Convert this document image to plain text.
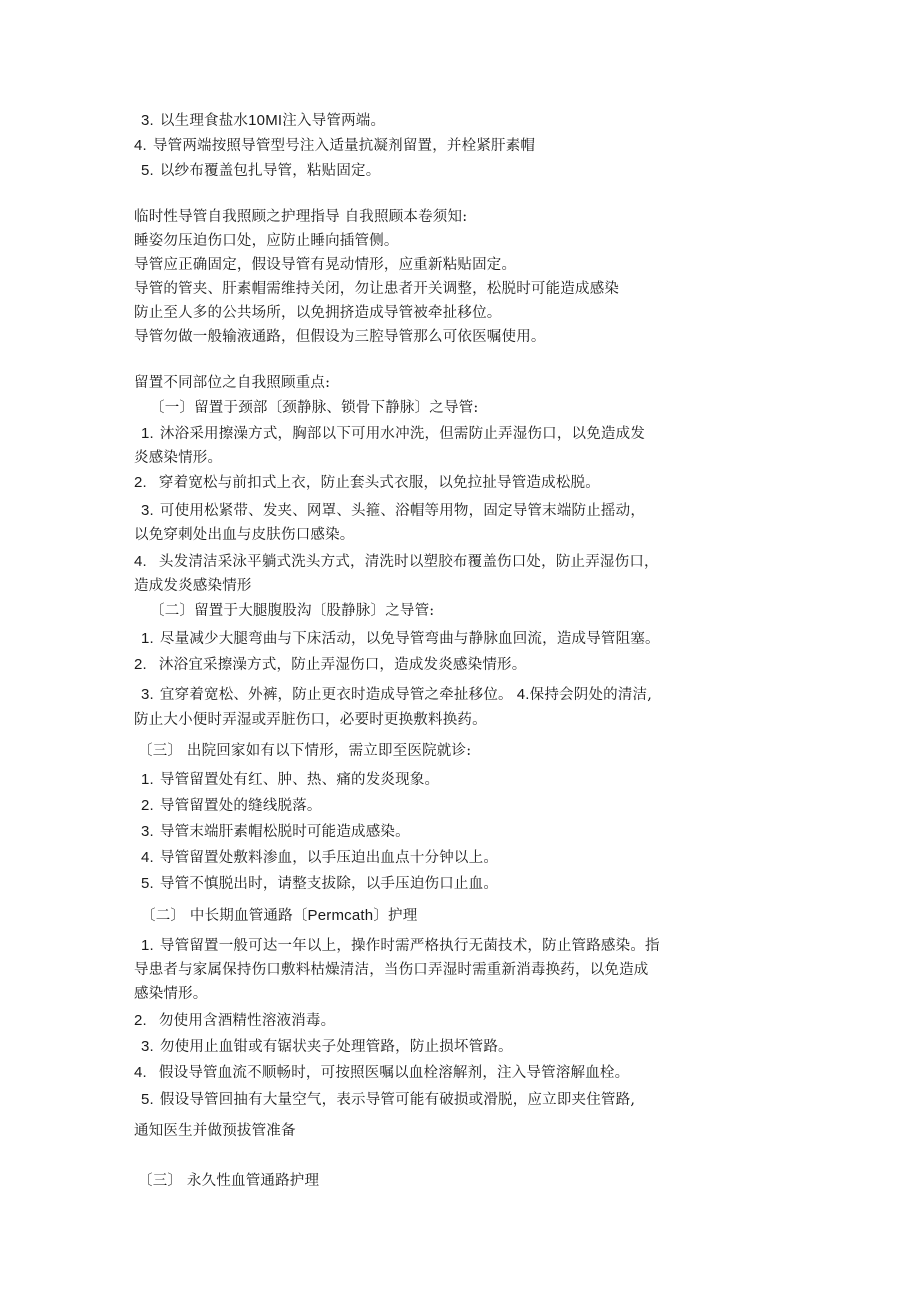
3. 以生理食盐水10MI注入导管两端。
4. 导管两端按照导管型号注入适量抗凝剂留置，并栓紧肝素帽
5. 以纱布覆盖包扎导管，粘贴固定。
临时性导管自我照顾之护理指导 自我照顾本卷须知:
睡姿勿压迫伤口处，应防止睡向插管侧。
导管应正确固定，假设导管有晃动情形，应重新粘贴固定。
导管的管夹、肝素帽需维持关闭，勿让患者开关调整，松脱时可能造成感染
防止至人多的公共场所，以免拥挤造成导管被牵扯移位。
导管勿做一般输液通路，但假设为三腔导管那么可依医嘱使用。
留置不同部位之自我照顾重点:
〔一〕留置于颈部〔颈静脉、锁骨下静脉〕之导管:
1. 沐浴采用擦澡方式，胸部以下可用水冲洗，但需防止弄湿伤口，以免造成发
炎感染情形。
2. 穿着宽松与前扣式上衣，防止套头式衣服，以免拉扯导管造成松脱。
3. 可使用松紧带、发夹、网罩、头箍、浴帽等用物，固定导管末端防止摇动，
以免穿刺处出血与皮肤伤口感染。
4. 头发清洁采泳平躺式洗头方式，清洗时以塑胶布覆盖伤口处，防止弄湿伤口，
造成发炎感染情形
〔二〕留置于大腿腹股沟〔股静脉〕之导管:
1. 尽量减少大腿弯曲与下床活动，以免导管弯曲与静脉血回流，造成导管阻塞。
2. 沐浴宜采擦澡方式，防止弄湿伤口，造成发炎感染情形。
3. 宜穿着宽松、外裤，防止更衣时造成导管之牵扯移位。 4.保持会阴处的清洁,
防止大小便时弄湿或弄脏伤口，必要时更换敷料换药。
〔三〕 出院回家如有以下情形，需立即至医院就诊:
1. 导管留置处有红、肿、热、痛的发炎现象。
2. 导管留置处的缝线脱落。
3. 导管末端肝素帽松脱时可能造成感染。
4. 导管留置处敷料渗血，以手压迫出血点十分钟以上。
5. 导管不慎脱出时，请整支拔除，以手压迫伤口止血。
〔二〕 中长期血管通路〔Permcath〕护理
1. 导管留置一般可达一年以上，操作时需严格执行无菌技术，防止管路感染。指
导患者与家属保持伤口敷料枯燥清洁，当伤口弄湿时需重新消毒换药，以免造成
感染情形。
2. 勿使用含酒精性溶液消毒。
3. 勿使用止血钳或有锯状夹子处理管路，防止损坏管路。
4. 假设导管血流不顺畅时，可按照医嘱以血栓溶解剂，注入导管溶解血栓。
5. 假设导管回抽有大量空气，表示导管可能有破损或滑脱，应立即夹住管路,
通知医生并做预拔管准备
〔三〕 永久性血管通路护理
